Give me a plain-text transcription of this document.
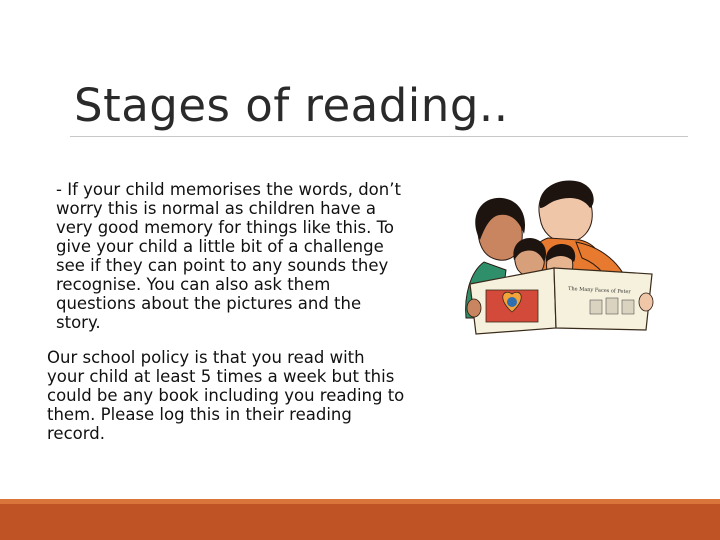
Stages of reading..
- If your child memorises the words, don’t
worry this is normal as children have a
very good memory for things like this. To
give your child a little bit of a challenge
see if they can point to any sounds they
recognise. You can also ask them
questions about the pictures and the
story.
Our school policy is that you read with
your child at least 5 times a week but this
could be any book including you reading to
them. Please log this in their reading
record.
The Many Faces of Peter
